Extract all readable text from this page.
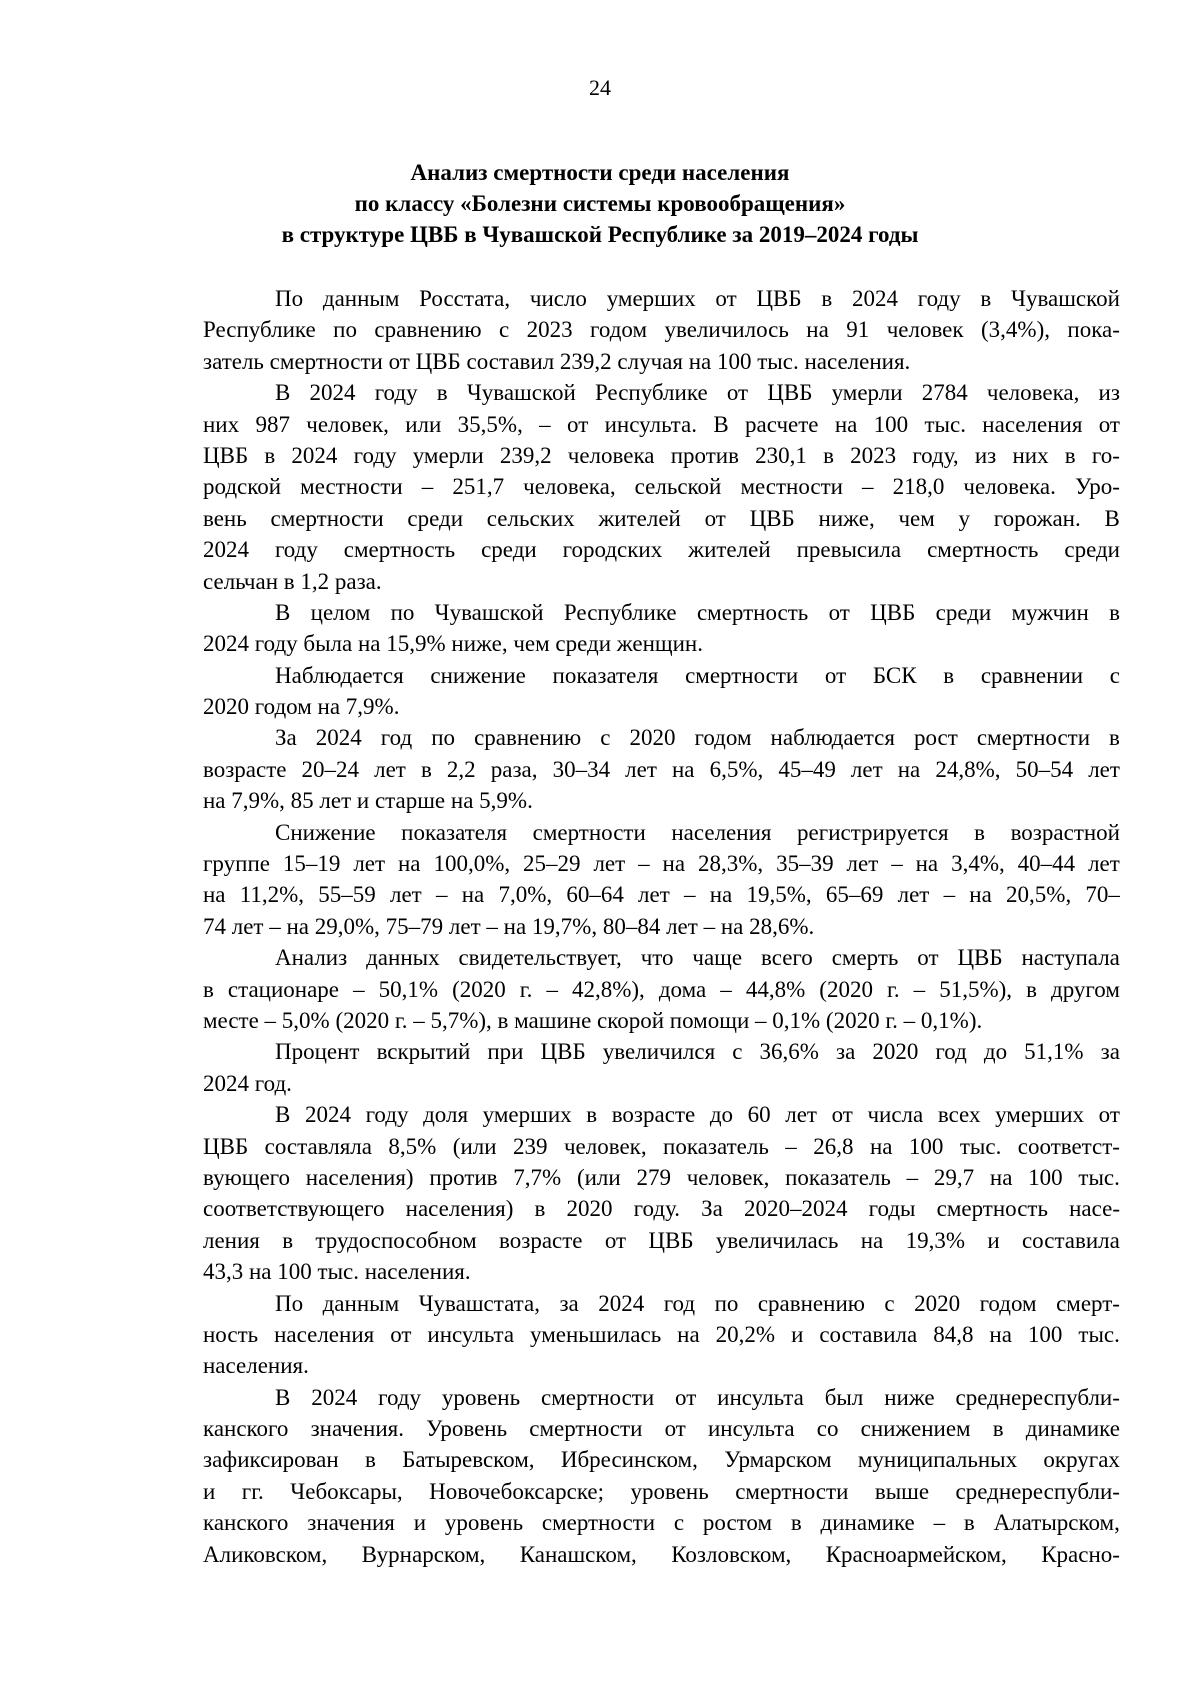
24
Анализ смертности среди населения
по классу «Болезни системы кровообращения»
в структуре ЦВБ в Чувашской Республике за 2019–2024 годы
По данным Росстата, число умерших от ЦВБ в 2024 году в Чувашской
Республике по сравнению с 2023 годом увеличилось на 91 человек (3,4%), пока-
затель смертности от ЦВБ составил 239,2 случая на 100 тыс. населения.
В 2024 году в Чувашской Республике от ЦВБ умерли 2784 человека, из
них 987 человек, или 35,5%, – от инсульта. В расчете на 100 тыс. населения от
ЦВБ в 2024 году умерли 239,2 человека против 230,1 в 2023 году, из них в го-
родской местности – 251,7 человека, сельской местности – 218,0 человека. Уро-
вень смертности среди сельских жителей от ЦВБ ниже, чем у горожан. В
2024 году смертность среди городских жителей превысила смертность среди
сельчан в 1,2 раза.
В целом по Чувашской Республике смертность от ЦВБ среди мужчин в
2024 году была на 15,9% ниже, чем среди женщин.
Наблюдается снижение показателя смертности от БСК в сравнении с
2020 годом на 7,9%.
За 2024 год по сравнению с 2020 годом наблюдается рост смертности в
возрасте 20–24 лет в 2,2 раза, 30–34 лет на 6,5%, 45–49 лет на 24,8%, 50–54 лет
на 7,9%, 85 лет и старше на 5,9%.
Снижение показателя смертности населения регистрируется в возрастной
группе 15–19 лет на 100,0%, 25–29 лет – на 28,3%, 35–39 лет – на 3,4%, 40–44 лет
на 11,2%, 55–59 лет – на 7,0%, 60–64 лет – на 19,5%, 65–69 лет – на 20,5%, 70–
74 лет – на 29,0%, 75–79 лет – на 19,7%, 80–84 лет – на 28,6%.
Анализ данных свидетельствует, что чаще всего смерть от ЦВБ наступала
в стационаре – 50,1% (2020 г. – 42,8%), дома – 44,8% (2020 г. – 51,5%), в другом
месте – 5,0% (2020 г. – 5,7%), в машине скорой помощи – 0,1% (2020 г. – 0,1%).
Процент вскрытий при ЦВБ увеличился с 36,6% за 2020 год до 51,1% за
2024 год.
В 2024 году доля умерших в возрасте до 60 лет от числа всех умерших от
ЦВБ составляла 8,5% (или 239 человек, показатель – 26,8 на 100 тыс. соответст-
вующего населения) против 7,7% (или 279 человек, показатель – 29,7 на 100 тыс.
соответствующего населения) в 2020 году. За 2020–2024 годы смертность насе-
ления в трудоспособном возрасте от ЦВБ увеличилась на 19,3% и составила
43,3 на 100 тыс. населения.
По данным Чувашстата, за 2024 год по сравнению с 2020 годом смерт-
ность населения от инсульта уменьшилась на 20,2% и составила 84,8 на 100 тыс.
населения.
В 2024 году уровень смертности от инсульта был ниже среднереспубли-
канского значения. Уровень смертности от инсульта со снижением в динамике
зафиксирован в Батыревском, Ибресинском, Урмарском муниципальных округах
и гг. Чебоксары, Новочебоксарске; уровень смертности выше среднереспубли-
канского значения и уровень смертности с ростом в динамике – в Алатырском,
Аликовском, Вурнарском, Канашском, Козловском, Красноармейском, Красно-
